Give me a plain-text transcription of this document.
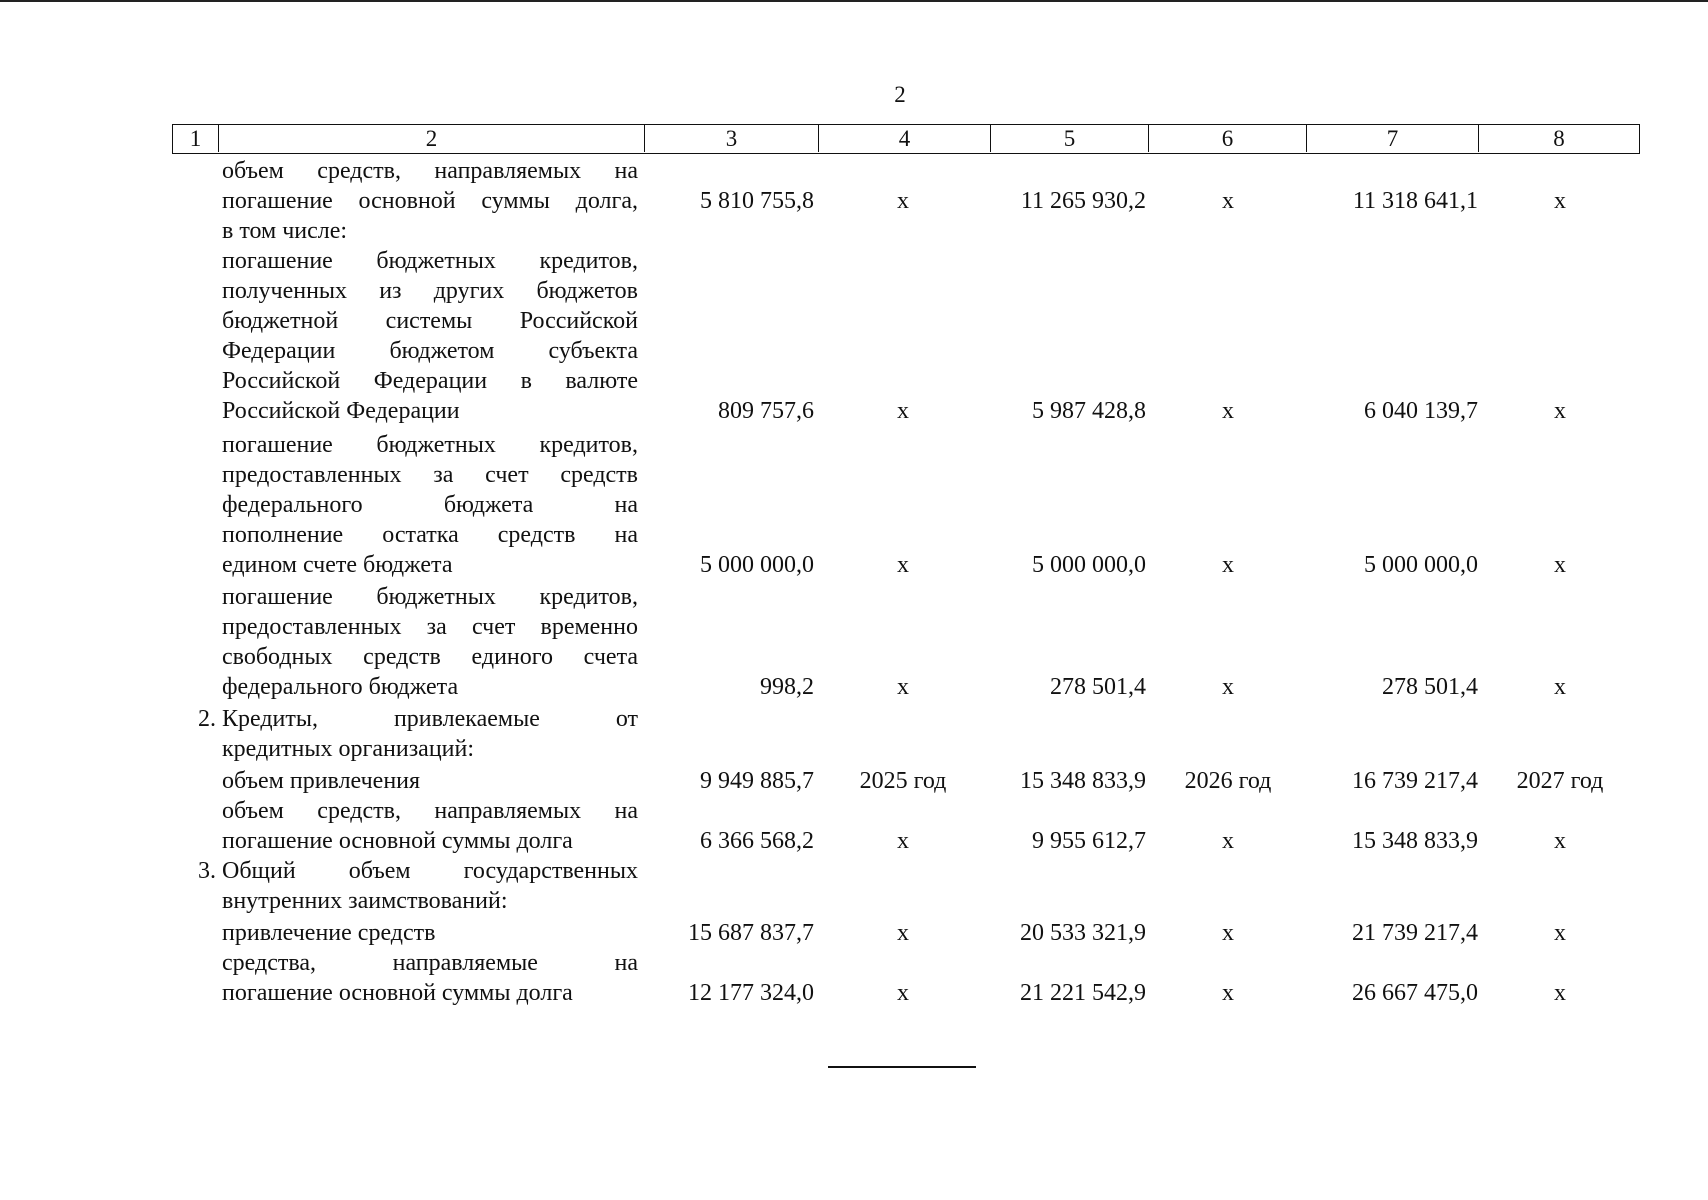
2
1	2	3	4	5	6	7	8
объем средств, направляемых на
погашение основной суммы долга,
в том числе:
5 810 755,8	х	11 265 930,2	х	11 318 641,1	х
погашение бюджетных кредитов,
полученных из других бюджетов
бюджетной системы Российской
Федерации бюджетом субъекта
Российской Федерации в валюте
Российской Федерации	809 757,6	х	5 987 428,8	х	6 040 139,7	х
погашение бюджетных кредитов,
предоставленных за счет средств
федерального бюджета на
пополнение остатка средств на
едином счете бюджета	5 000 000,0	х	5 000 000,0	х	5 000 000,0	х
погашение бюджетных кредитов,
предоставленных за счет временно
свободных средств единого счета
федерального бюджета	998,2	х	278 501,4	х	278 501,4	х
2. Кредиты, привлекаемые от
кредитных организаций:
объем привлечения	9 949 885,7	2025 год	15 348 833,9	2026 год	16 739 217,4	2027 год
объем средств, направляемых на
погашение основной суммы долга	6 366 568,2	х	9 955 612,7	х	15 348 833,9	х
3. Общий объем государственных
внутренних заимствований:
привлечение средств	15 687 837,7	х	20 533 321,9	х	21 739 217,4	х
средства, направляемые на
погашение основной суммы долга	12 177 324,0	х	21 221 542,9	х	26 667 475,0	х
